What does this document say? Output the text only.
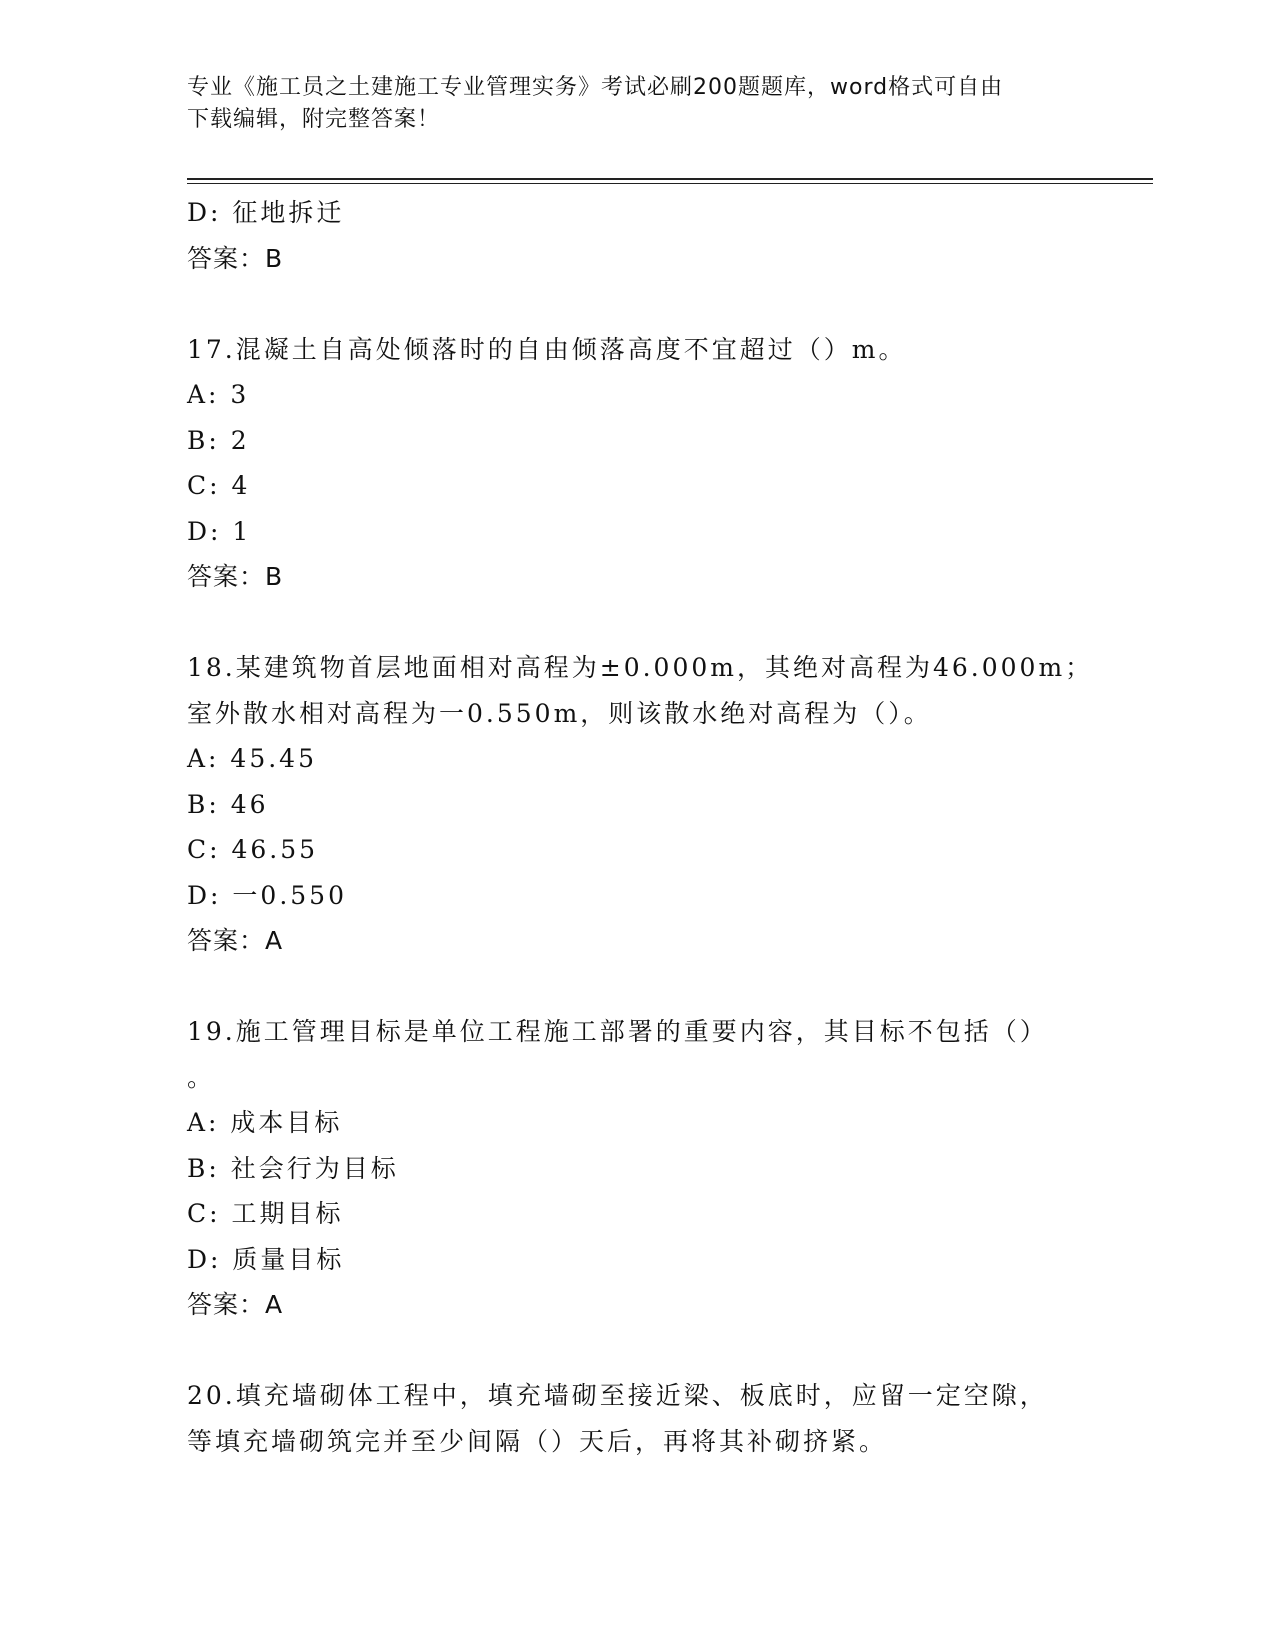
专业《施工员之土建施工专业管理实务》考试必刷200题题库，word格式可自由
下载编辑，附完整答案！
D: 征地拆迁
答案：B
17.混凝土自高处倾落时的自由倾落高度不宜超过（）m。
A: 3
B: 2
C: 4
D: 1
答案：B
18.某建筑物首层地面相对高程为±0.000m，其绝对高程为46.000m；
室外散水相对高程为一0.550m，则该散水绝对高程为（）。
A: 45.45
B: 46
C: 46.55
D: 一0.550
答案：A
19.施工管理目标是单位工程施工部署的重要内容，其目标不包括（）
。
A: 成本目标
B: 社会行为目标
C: 工期目标
D: 质量目标
答案：A
20.填充墙砌体工程中，填充墙砌至接近梁、板底时，应留一定空隙，
等填充墙砌筑完并至少间隔（）天后，再将其补砌挤紧。
